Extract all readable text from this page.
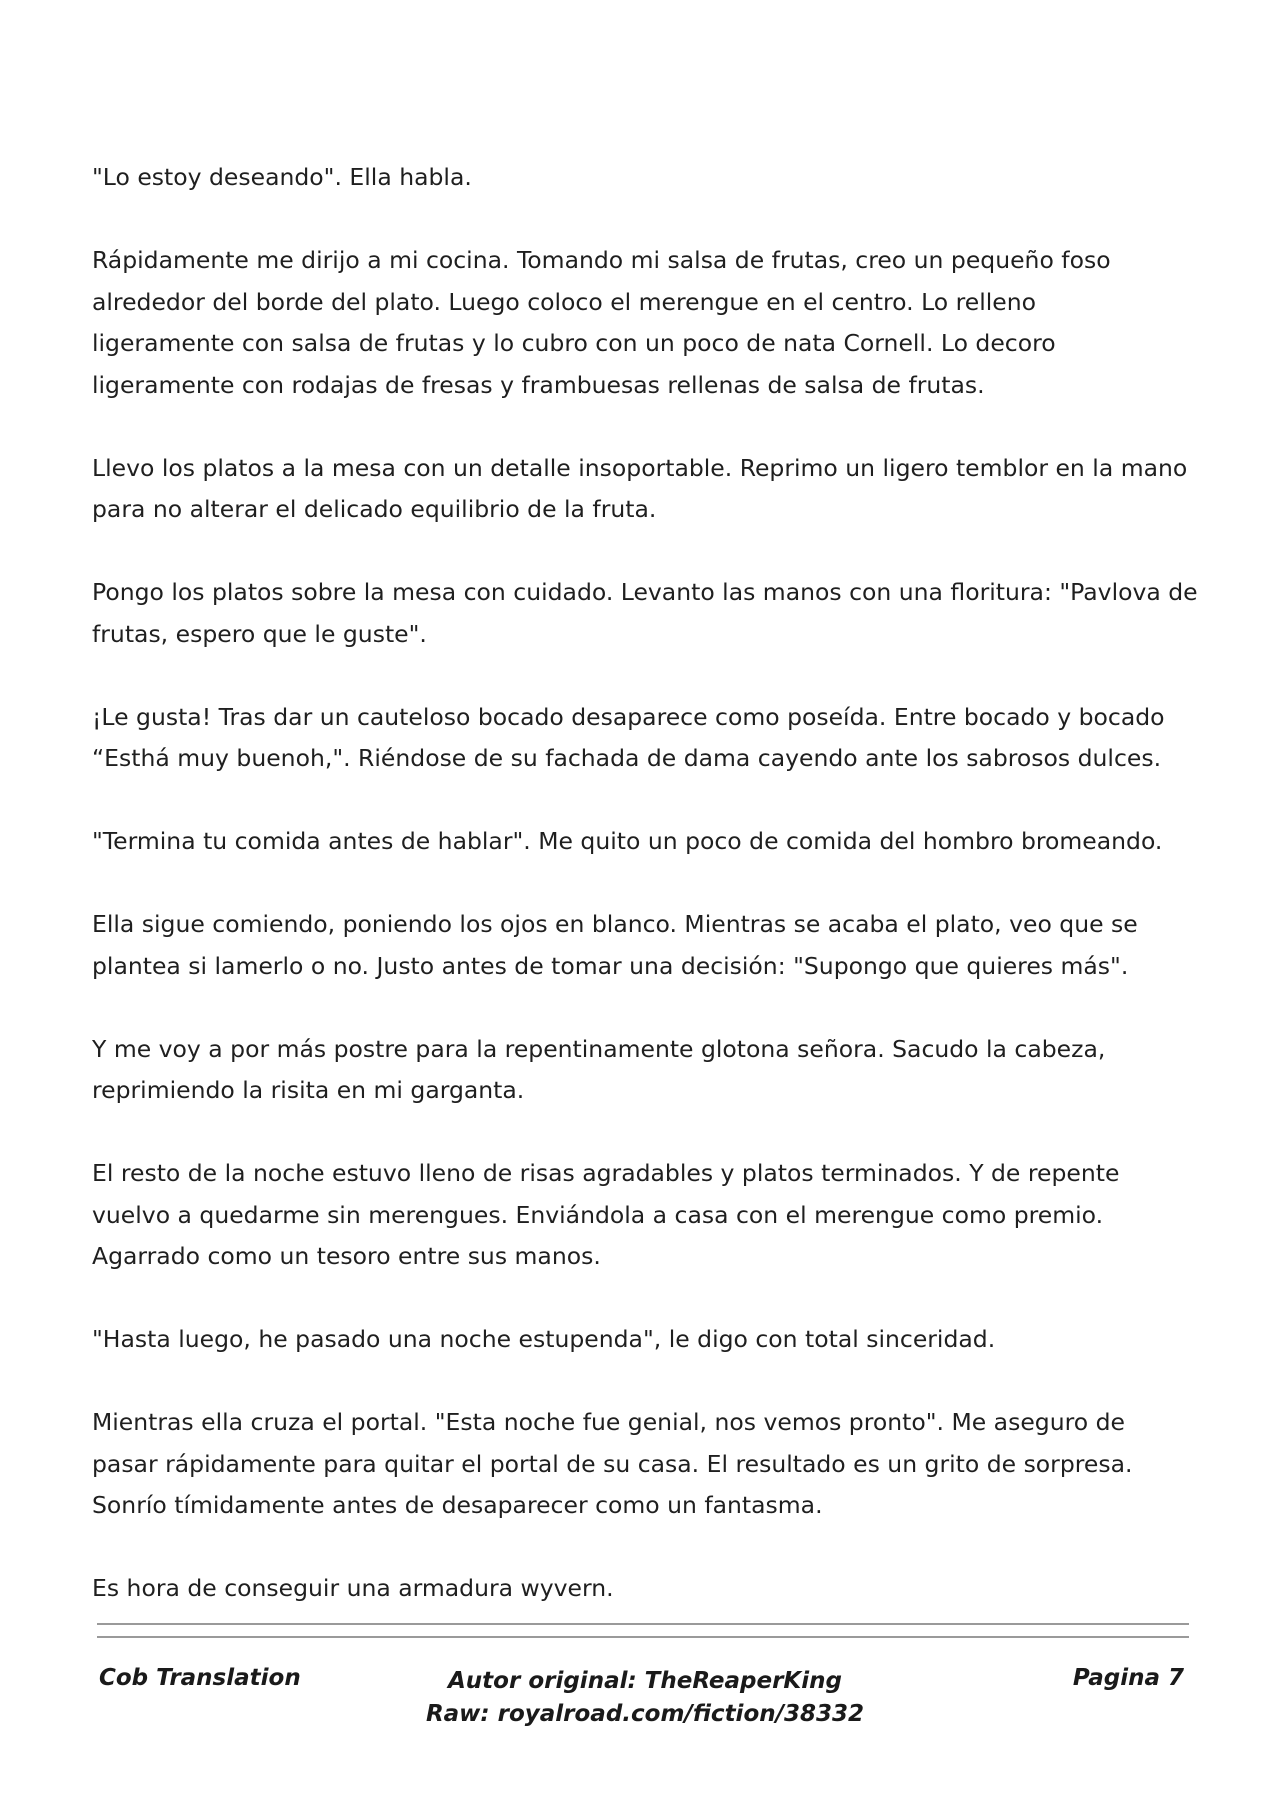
"Lo estoy deseando". Ella habla.

Rápidamente me dirijo a mi cocina. Tomando mi salsa de frutas, creo un pequeño foso
alrededor del borde del plato. Luego coloco el merengue en el centro. Lo relleno
ligeramente con salsa de frutas y lo cubro con un poco de nata Cornell. Lo decoro
ligeramente con rodajas de fresas y frambuesas rellenas de salsa de frutas.

Llevo los platos a la mesa con un detalle insoportable. Reprimo un ligero temblor en la mano
para no alterar el delicado equilibrio de la fruta.

Pongo los platos sobre la mesa con cuidado. Levanto las manos con una floritura: "Pavlova de
frutas, espero que le guste".

¡Le gusta! Tras dar un cauteloso bocado desaparece como poseída. Entre bocado y bocado
“Esthá muy buenoh,". Riéndose de su fachada de dama cayendo ante los sabrosos dulces.

"Termina tu comida antes de hablar". Me quito un poco de comida del hombro bromeando.

Ella sigue comiendo, poniendo los ojos en blanco. Mientras se acaba el plato, veo que se
plantea si lamerlo o no. Justo antes de tomar una decisión: "Supongo que quieres más".

Y me voy a por más postre para la repentinamente glotona señora. Sacudo la cabeza,
reprimiendo la risita en mi garganta.

El resto de la noche estuvo lleno de risas agradables y platos terminados. Y de repente
vuelvo a quedarme sin merengues. Enviándola a casa con el merengue como premio.
Agarrado como un tesoro entre sus manos.

"Hasta luego, he pasado una noche estupenda", le digo con total sinceridad.

Mientras ella cruza el portal. "Esta noche fue genial, nos vemos pronto". Me aseguro de
pasar rápidamente para quitar el portal de su casa. El resultado es un grito de sorpresa.
Sonrío tímidamente antes de desaparecer como un fantasma.

Es hora de conseguir una armadura wyvern.

Cob Translation	Autor original: TheReaperKing
Raw: royalroad.com/fiction/38332
Pagina 7
